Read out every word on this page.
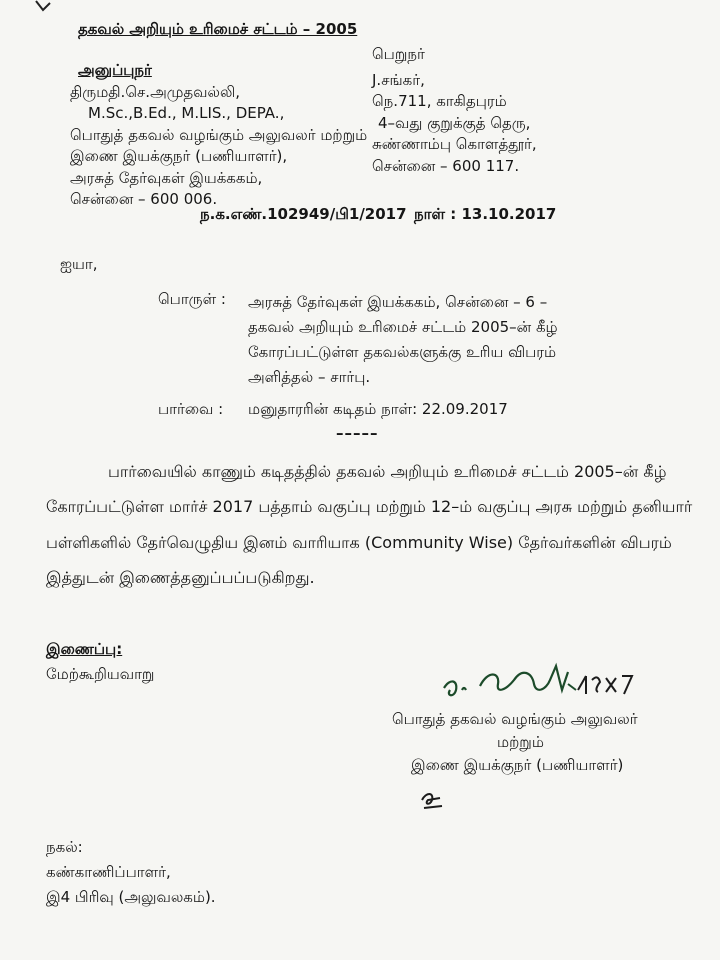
தகவல் அறியும் உரிமைச் சட்டம் – 2005

அனுப்புநர்

திருமதி.செ.அமுதவல்லி,

M.Sc.,B.Ed., M.LIS., DEPA.,

பொதுத் தகவல் வழங்கும் அலுவலர் மற்றும்

இணை இயக்குநர் (பணியாளர்),

அரசுத் தேர்வுகள் இயக்ககம்,

சென்னை – 600 006.

பெறுநர்

J.சங்கர்,

நெ.711, காகிதபுரம்

4–வது குறுக்குத் தெரு,

சுண்ணாம்பு கொளத்தூர்,

சென்னை – 600 117.

ந.க.எண்.102949/பி1/2017 நாள் : 13.10.2017
ஐயா,
பொருள் : அரசுத் தேர்வுகள் இயக்ககம், சென்னை – 6 –

தகவல் அறியும் உரிமைச் சட்டம் 2005–ன் கீழ்

கோரப்பட்டுள்ள தகவல்களுக்கு உரிய விபரம்

அளித்தல் – சார்பு.

பார்வை : மனுதாரரின் கடிதம் நாள்: 22.09.2017
–––––
பார்வையில் காணும் கடிதத்தில் தகவல் அறியும் உரிமைச் சட்டம் 2005–ன் கீழ்
கோரப்பட்டுள்ள மார்ச் 2017 பத்தாம் வகுப்பு மற்றும் 12–ம் வகுப்பு அரசு மற்றும் தனியார்
பள்ளிகளில் தேர்வெழுதிய இனம் வாரியாக (Community Wise) தேர்வர்களின் விபரம்
இத்துடன் இணைத்தனுப்பப்படுகிறது.
இணைப்பு:
மேற்கூறியவாறு
பொதுத் தகவல் வழங்கும் அலுவலர்
மற்றும்
இணை இயக்குநர் (பணியாளர்)
நகல்:
கண்காணிப்பாளர்,
இ4 பிரிவு (அலுவலகம்).
